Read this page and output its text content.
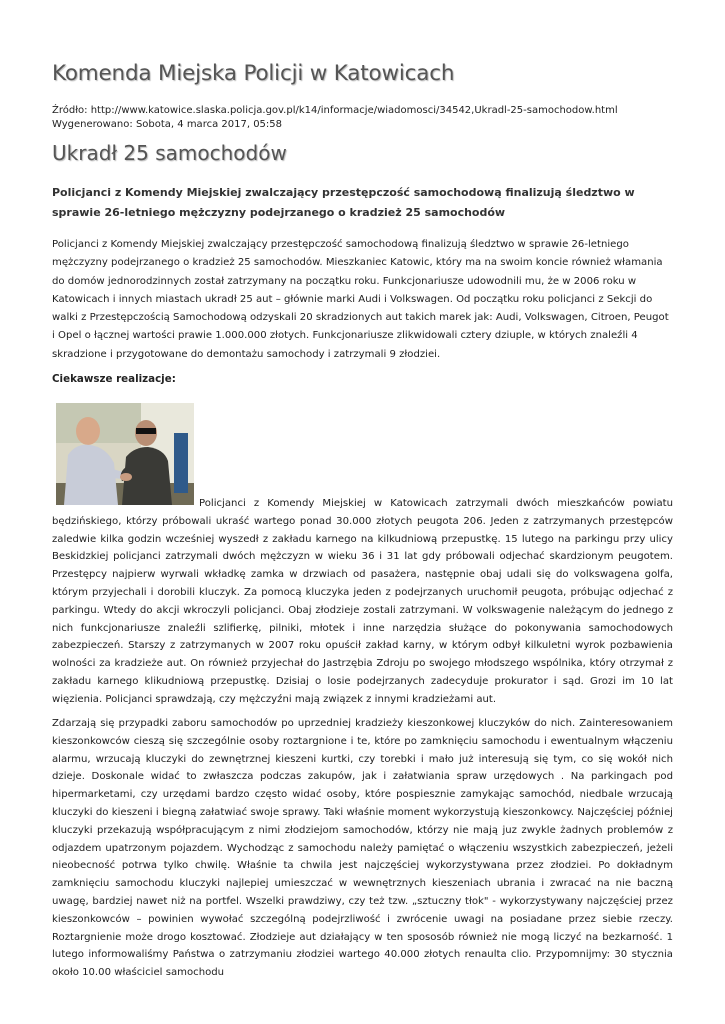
Komenda Miejska Policji w Katowicach
Źródło: http://www.katowice.slaska.policja.gov.pl/k14/informacje/wiadomosci/34542,Ukradl-25-samochodow.html
Wygenerowano: Sobota, 4 marca 2017, 05:58
Ukradł 25 samochodów
Policjanci z Komendy Miejskiej zwalczający przestępczość samochodową finalizują śledztwo w sprawie 26-letniego mężczyzny podejrzanego o kradzież 25 samochodów

Policjanci z Komendy Miejskiej zwalczający przestępczość samochodową finalizują śledztwo w sprawie 26-letniego mężczyzny podejrzanego o kradzież 25 samochodów. Mieszkaniec Katowic, który ma na swoim koncie również włamania do domów jednorodzinnych został zatrzymany na początku roku. Funkcjonariusze udowodnili mu, że w 2006 roku w Katowicach i innych miastach ukradł 25 aut – głównie marki Audi i Volkswagen. Od początku roku policjanci z Sekcji do walki z Przestępczością Samochodową odzyskali 20 skradzionych aut takich marek jak: Audi, Volkswagen, Citroen, Peugot i Opel o łącznej wartości prawie 1.000.000 złotych. Funkcjonariusze zlikwidowali cztery dziuple, w których znaleźli 4 skradzione i przygotowane do demontażu samochody i zatrzymali 9 złodziei.

Ciekawsze realizacje:

Policjanci z Komendy Miejskiej w Katowicach zatrzymali dwóch mieszkańców powiatu będzińskiego, którzy próbowali ukraść wartego ponad 30.000 złotych peugota 206. Jeden z zatrzymanych przestępców zaledwie kilka godzin wcześniej wyszedł z zakładu karnego na kilkudniową przepustkę. 15 lutego na parkingu przy ulicy Beskidzkiej policjanci zatrzymali dwóch mężczyzn w wieku 36 i 31 lat gdy próbowali odjechać skardzionym peugotem. Przestępcy najpierw wyrwali wkładkę zamka w drzwiach od pasażera, następnie obaj udali się do volkswagena golfa, którym przyjechali i dorobili kluczyk. Za pomocą kluczyka jeden z podejrzanych uruchomił peugota, próbując odjechać z parkingu. Wtedy do akcji wkroczyli policjanci. Obaj złodzieje zostali zatrzymani. W volkswagenie należącym do jednego z nich funkcjonariusze znaleźli szlifierkę, pilniki, młotek i inne narzędzia służące do pokonywania samochodowych zabezpieczeń. Starszy z zatrzymanych w 2007 roku opuścił zakład karny, w którym odbył kilkuletni wyrok pozbawienia wolności za kradzieże aut. On również przyjechał do Jastrzębia Zdroju po swojego młodszego wspólnika, który otrzymał z zakładu karnego klikudniową przepustkę. Dzisiaj o losie podejrzanych zadecyduje prokurator i sąd. Grozi im 10 lat więzienia. Policjanci sprawdzają, czy mężczyźni mają związek z innymi kradzieżami aut.

Zdarzają się przypadki zaboru samochodów po uprzedniej kradzieży kieszonkowej kluczyków do nich. Zainteresowaniem kieszonkowców cieszą się szczególnie osoby roztargnione i te, które po zamknięciu samochodu i ewentualnym włączeniu alarmu, wrzucają kluczyki do zewnętrznej kieszeni kurtki, czy torebki i mało już interesują się tym, co się wokół nich dzieje. Doskonale widać to zwłaszcza podczas zakupów, jak i załatwiania spraw urzędowych . Na parkingach pod hipermarketami, czy urzędami bardzo często widać osoby, które pospiesznie zamykając samochód, niedbale wrzucają kluczyki do kieszeni i biegną załatwiać swoje sprawy. Taki właśnie moment wykorzystują kieszonkowcy. Najczęściej później kluczyki przekazują współpracującym z nimi złodziejom samochodów, którzy nie mają juz zwykle żadnych problemów z odjazdem upatrzonym pojazdem. Wychodząc z samochodu należy pamiętać o włączeniu wszystkich zabezpieczeń, jeżeli nieobecność potrwa tylko chwilę. Właśnie ta chwila jest najczęściej wykorzystywana przez złodziei. Po dokładnym zamknięciu samochodu kluczyki najlepiej umieszczać w wewnętrznych kieszeniach ubrania i zwracać na nie baczną uwagę, bardziej nawet niż na portfel. Wszelki prawdziwy, czy też tzw. „sztuczny tłok" - wykorzystywany najczęściej przez kieszonkowców – powinien wywołać szczególną podejrzliwość i zwrócenie uwagi na posiadane przez siebie rzeczy. Roztargnienie może drogo kosztować. Złodzieje aut działający w ten spososób również nie mogą liczyć na bezkarność. 1 lutego informowaliśmy Państwa o zatrzymaniu złodziei wartego 40.000 złotych renaulta clio. Przypomnijmy: 30 stycznia około 10.00 właściciel samochodu
